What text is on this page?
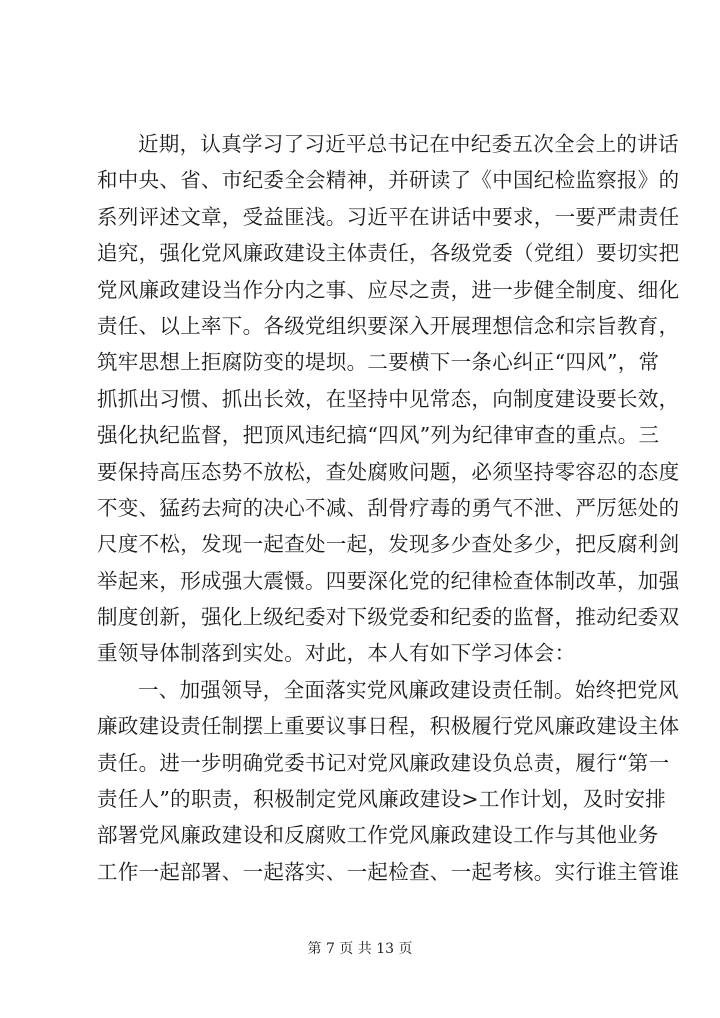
近期，认真学习了习近平总书记在中纪委五次全会上的讲话
和中央、省、市纪委全会精神，并研读了《中国纪检监察报》的
系列评述文章，受益匪浅。习近平在讲话中要求，一要严肃责任
追究，强化党风廉政建设主体责任，各级党委（党组）要切实把
党风廉政建设当作分内之事、应尽之责，进一步健全制度、细化
责任、以上率下。各级党组织要深入开展理想信念和宗旨教育，
筑牢思想上拒腐防变的堤坝。二要横下一条心纠正“四风”，常
抓抓出习惯、抓出长效，在坚持中见常态，向制度建设要长效，
强化执纪监督，把顶风违纪搞“四风”列为纪律审查的重点。三
要保持高压态势不放松，查处腐败问题，必须坚持零容忍的态度
不变、猛药去疴的决心不减、刮骨疗毒的勇气不泄、严厉惩处的
尺度不松，发现一起查处一起，发现多少查处多少，把反腐利剑
举起来，形成强大震慑。四要深化党的纪律检查体制改革，加强
制度创新，强化上级纪委对下级党委和纪委的监督，推动纪委双
重领导体制落到实处。对此，本人有如下学习体会：
一、加强领导，全面落实党风廉政建设责任制。始终把党风
廉政建设责任制摆上重要议事日程，积极履行党风廉政建设主体
责任。进一步明确党委书记对党风廉政建设负总责，履行“第一
责任人”的职责，积极制定党风廉政建设>工作计划，及时安排
部署党风廉政建设和反腐败工作党风廉政建设工作与其他业务
工作一起部署、一起落实、一起检查、一起考核。实行谁主管谁
第 7 页 共 13 页
